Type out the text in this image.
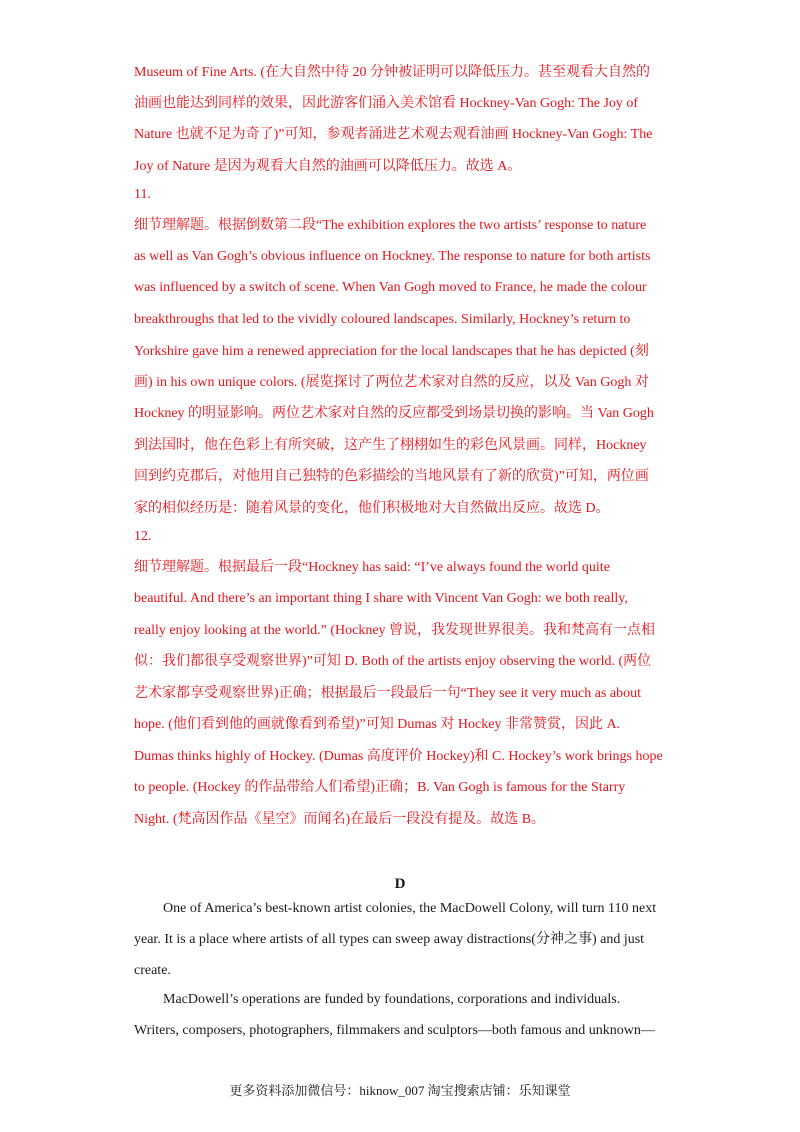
Museum of Fine Arts. (在大自然中待 20 分钟被证明可以降低压力。甚至观看大自然的
油画也能达到同样的效果，因此游客们涌入美术馆看 Hockney-Van Gogh: The Joy of
Nature 也就不足为奇了)”可知，参观者涌进艺术观去观看油画 Hockney-Van Gogh: The
Joy of Nature 是因为观看大自然的油画可以降低压力。故选 A。
11.
细节理解题。根据倒数第二段“The exhibition explores the two artists’ response to nature
as well as Van Gogh’s obvious influence on Hockney. The response to nature for both artists
was influenced by a switch of scene. When Van Gogh moved to France, he made the colour
breakthroughs that led to the vividly coloured landscapes. Similarly, Hockney’s return to
Yorkshire gave him a renewed appreciation for the local landscapes that he has depicted (刻
画) in his own unique colors. (展览探讨了两位艺术家对自然的反应，以及 Van Gogh 对
Hockney 的明显影响。两位艺术家对自然的反应都受到场景切换的影响。当 Van Gogh
到法国时，他在色彩上有所突破，这产生了栩栩如生的彩色风景画。同样，Hockney
回到约克郡后，对他用自己独特的色彩描绘的当地风景有了新的欣赏)”可知，两位画
家的相似经历是：随着风景的变化，他们积极地对大自然做出反应。故选 D。
12.
细节理解题。根据最后一段“Hockney has said: “I’ve always found the world quite
beautiful. And there’s an important thing I share with Vincent Van Gogh: we both really,
really enjoy looking at the world.” (Hockney 曾说，我发现世界很美。我和梵高有一点相
似：我们都很享受观察世界)”可知 D. Both of the artists enjoy observing the world. (两位
艺术家都享受观察世界)正确；根据最后一段最后一句“They see it very much as about
hope. (他们看到他的画就像看到希望)”可知 Dumas 对 Hockey 非常赞赏，因此 A.
Dumas thinks highly of Hockey. (Dumas 高度评价 Hockey)和 C. Hockey’s work brings hope
to people. (Hockey 的作品带给人们希望)正确；B. Van Gogh is famous for the Starry
Night. (梵高因作品《星空》而闻名)在最后一段没有提及。故选 B。
D
One of America’s best-known artist colonies, the MacDowell Colony, will turn 110 next
year. It is a place where artists of all types can sweep away distractions(分神之事) and just
create.
MacDowell’s operations are funded by foundations, corporations and individuals.
Writers, composers, photographers, filmmakers and sculptors—both famous and unknown—
更多资料添加微信号：hiknow_007 淘宝搜索店铺：乐知课堂
